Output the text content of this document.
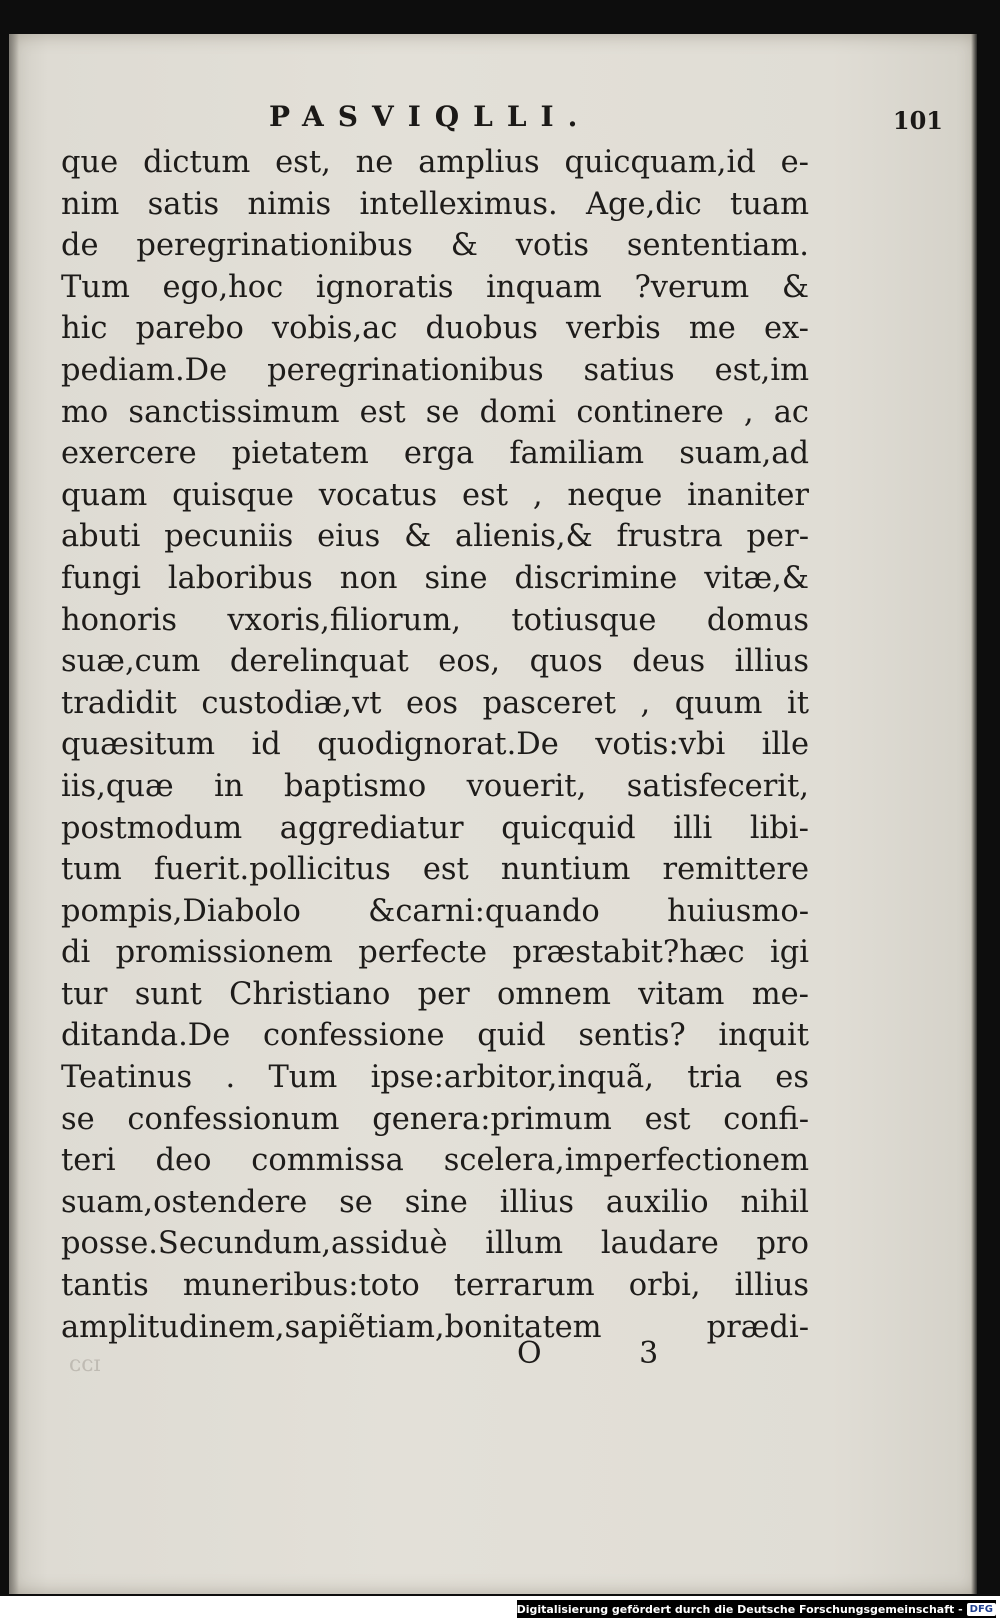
PASVIQLLI.	101
que dictum est, ne amplius quicquam,id e-
nim satis nimis intelleximus. Age,dic tuam
de peregrinationibus & votis sententiam.
Tum ego,hoc ignoratis inquam ?verum &
hic parebo vobis,ac duobus verbis me ex-
pediam.De peregrinationibus satius est,im
mo sanctissimum est se domi continere , ac
exercere pietatem erga familiam suam,ad
quam quisque vocatus est , neque inaniter
abuti pecuniis eius & alienis,& frustra per-
fungi laboribus non sine discrimine vitæ,&
honoris vxoris,filiorum, totiusque domus
suæ,cum derelinquat eos, quos deus illius
tradidit custodiæ,vt eos pasceret , quum it
quæsitum id quodignorat.De votis:vbi ille
iis,quæ in baptismo vouerit, satisfecerit,
postmodum aggrediatur quicquid illi libi-
tum fuerit.pollicitus est nuntium remittere
pompis,Diabolo &carni:quando huiusmo-
di promissionem perfecte præstabit?hæc igi
tur sunt Christiano per omnem vitam me-
ditanda.De confessione quid sentis? inquit
Teatinus . Tum ipse:arbitor,inquã, tria es
se confessionum genera:primum est confi-
teri deo commissa scelera,imperfectionem
suam,ostendere se sine illius auxilio nihil
posse.Secundum,assiduè illum laudare pro
tantis muneribus:toto terrarum orbi, illius
amplitudinem,sapiẽtiam,bonitatem prædi-
ɪɔɔ	O 3
Digitalisierung gefördert durch die Deutsche Forschungsgemeinschaft - DFG
